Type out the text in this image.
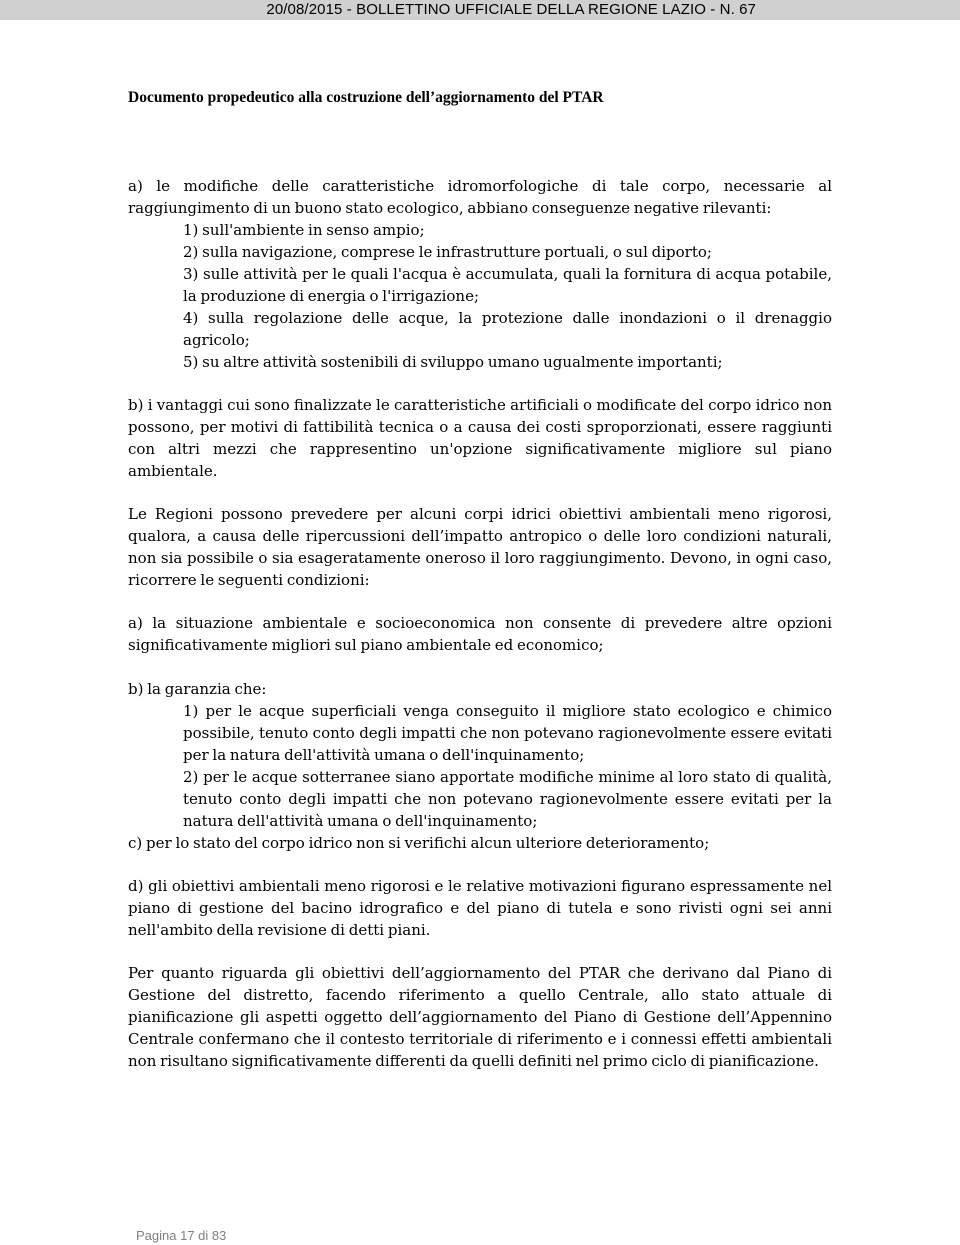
20/08/2015 - BOLLETTINO UFFICIALE DELLA REGIONE LAZIO - N. 67
Documento propedeutico alla costruzione dell’aggiornamento del PTAR

a) le modifiche delle caratteristiche idromorfologiche di tale corpo, necessarie al raggiungimento di un buono stato ecologico, abbiano conseguenze negative rilevanti:

1) sull'ambiente in senso ampio;

2) sulla navigazione, comprese le infrastrutture portuali, o sul diporto;

3) sulle attività per le quali l'acqua è accumulata, quali la fornitura di acqua potabile, la produzione di energia o l'irrigazione;

4) sulla regolazione delle acque, la protezione dalle inondazioni o il drenaggio agricolo;

5) su altre attività sostenibili di sviluppo umano ugualmente importanti;

b) i vantaggi cui sono finalizzate le caratteristiche artificiali o modificate del corpo idrico non possono, per motivi di fattibilità tecnica o a causa dei costi sproporzionati, essere raggiunti con altri mezzi che rappresentino un'opzione significativamente migliore sul piano ambientale.
Le Regioni possono prevedere per alcuni corpi idrici obiettivi ambientali meno rigorosi, qualora, a causa delle ripercussioni dell’impatto antropico o delle loro condizioni naturali, non sia possibile o sia esageratamente oneroso il loro raggiungimento. Devono, in ogni caso, ricorrere le seguenti condizioni:
a) la situazione ambientale e socioeconomica non consente di prevedere altre opzioni significativamente migliori sul piano ambientale ed economico;

b) la garanzia che:

1) per le acque superficiali venga conseguito il migliore stato ecologico e chimico possibile, tenuto conto degli impatti che non potevano ragionevolmente essere evitati per la natura dell'attività umana o dell'inquinamento;

2) per le acque sotterranee siano apportate modifiche minime al loro stato di qualità, tenuto conto degli impatti che non potevano ragionevolmente essere evitati per la natura dell'attività umana o dell'inquinamento;

c) per lo stato del corpo idrico non si verifichi alcun ulteriore deterioramento;

d) gli obiettivi ambientali meno rigorosi e le relative motivazioni figurano espressamente nel piano di gestione del bacino idrografico e del piano di tutela e sono rivisti ogni sei anni nell'ambito della revisione di detti piani.
Per quanto riguarda gli obiettivi dell’aggiornamento del PTAR che derivano dal Piano di Gestione del distretto, facendo riferimento a quello Centrale, allo stato attuale di pianificazione gli aspetti oggetto dell’aggiornamento del Piano di Gestione dell’Appennino Centrale confermano che il contesto territoriale di riferimento e i connessi effetti ambientali non risultano significativamente differenti da quelli definiti nel primo ciclo di pianificazione.
Pagina 17 di 83
